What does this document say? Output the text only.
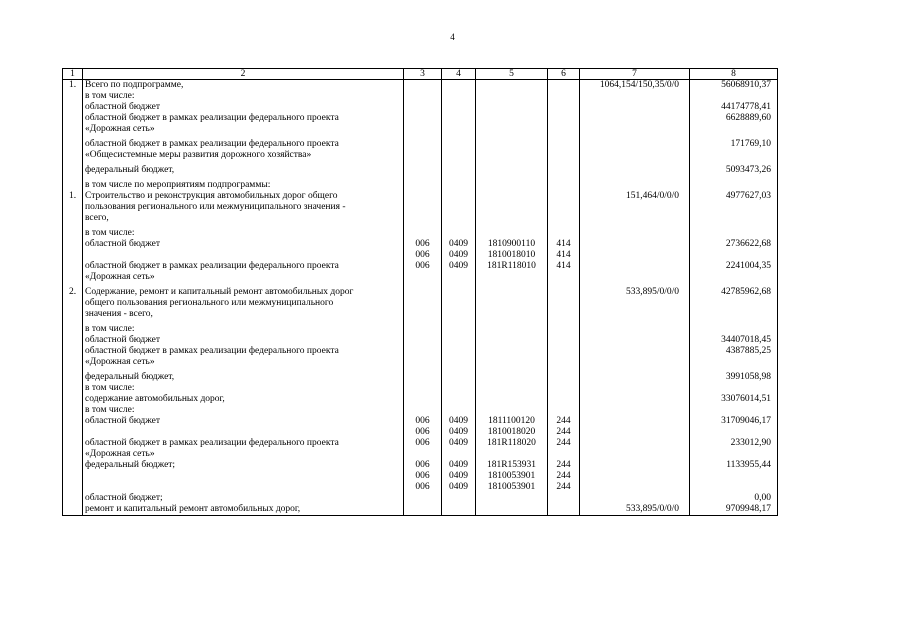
4
1	2	3	4	5	6	7	8
1.	Всего по подпрограмме,					1064,154/150,35/0/0	56068910,37
	в том числе:						
	областной бюджет						44174778,41
	областной бюджет в рамках реализации федерального проекта						6628889,60
	«Дорожная сеть»						

	областной бюджет в рамках реализации федерального проекта						171769,10
	«Общесистемные меры развития дорожного хозяйства»						

	федеральный бюджет,						5093473,26

	в том числе по мероприятиям подпрограммы:						
1.	Строительство и реконструкция автомобильных дорог общего					151,464/0/0/0	4977627,03
	пользования регионального или межмуниципального значения -						
	всего,						

	в том числе:						
	областной бюджет	006	0409	1810900110	414		2736622,68
		006	0409	1810018010	414		
	областной бюджет в рамках реализации федерального проекта	006	0409	181R118010	414		2241004,35
	«Дорожная сеть»						

2.	Содержание, ремонт и капитальный ремонт автомобильных дорог					533,895/0/0/0	42785962,68
	общего пользования регионального или межмуниципального						
	значения - всего,						

	в том числе:						
	областной бюджет						34407018,45
	областной бюджет в рамках реализации федерального проекта						4387885,25
	«Дорожная сеть»						

	федеральный бюджет,						3991058,98
	в том числе:						
	содержание автомобильных дорог,						33076014,51
	в том числе:						
	областной бюджет	006	0409	1811100120	244		31709046,17
		006	0409	1810018020	244		
	областной бюджет в рамках реализации федерального проекта	006	0409	181R118020	244		233012,90
	«Дорожная сеть»						
	федеральный бюджет;	006	0409	181R153931	244		1133955,44
		006	0409	1810053901	244		
		006	0409	1810053901	244		
	областной бюджет;						0,00
	ремонт и капитальный ремонт автомобильных дорог,					533,895/0/0/0	9709948,17
